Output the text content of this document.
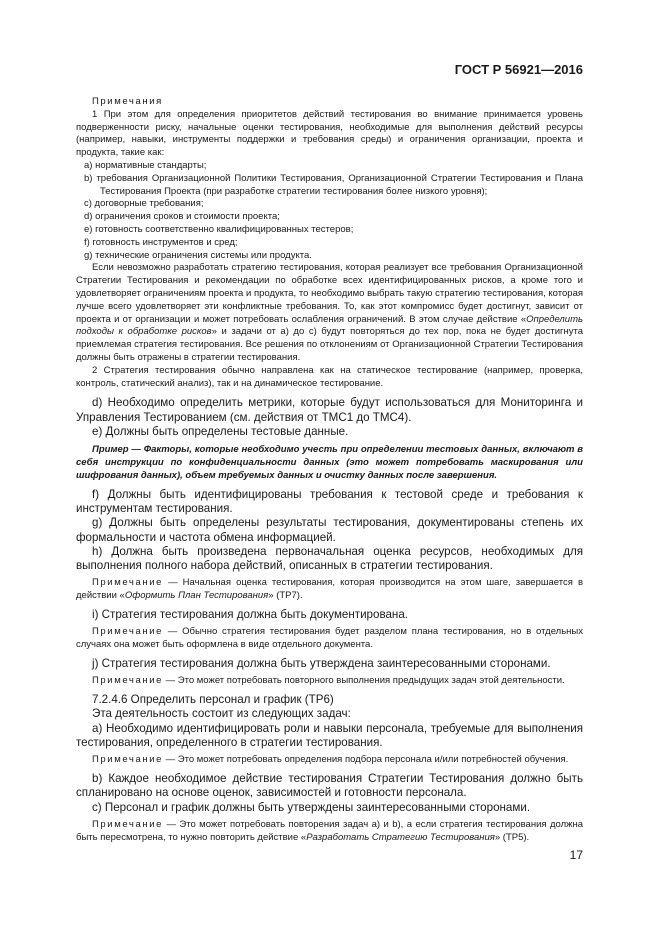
ГОСТ Р 56921—2016

Примечания

1 При этом для определения приоритетов действий тестирования во внимание принимается уровень подверженности риску, начальные оценки тестирования, необходимые для выполнения действий ресурсы (например, навыки, инструменты поддержки и требования среды) и ограничения организации, проекта и продукта, такие как:

a) нормативные стандарты;

b) требования Организационной Политики Тестирования, Организационной Стратегии Тестирования и Плана Тестирования Проекта (при разработке стратегии тестирования более низкого уровня);

c) договорные требования;

d) ограничения сроков и стоимости проекта;

e) готовность соответственно квалифицированных тестеров;

f) готовность инструментов и сред;

g) технические ограничения системы или продукта.

Если невозможно разработать стратегию тестирования, которая реализует все требования Организационной Стратегии Тестирования и рекомендации по обработке всех идентифицированных рисков, а кроме того и удовлетворяет ограничениям проекта и продукта, то необходимо выбрать такую стратегию тестирования, которая лучше всего удовлетворяет эти конфликтные требования. То, как этот компромисс будет достигнут, зависит от проекта и от организации и может потребовать ослабления ограничений. В этом случае действие «Определить подходы к обработке рисков» и задачи от а) до с) будут повторяться до тех пор, пока не будет достигнута приемлемая стратегия тестирования. Все решения по отклонениям от Организационной Стратегии Тестирования должны быть отражены в стратегии тестирования.

2 Стратегия тестирования обычно направлена как на статическое тестирование (например, проверка, контроль, статический анализ), так и на динамическое тестирование.

d) Необходимо определить метрики, которые будут использоваться для Мониторинга и Управления Тестированием (см. действия от ТМС1 до ТМС4).

e) Должны быть определены тестовые данные.

Пример — Факторы, которые необходимо учесть при определении тестовых данных, включают в себя инструкции по конфиденциальности данных (это может потребовать маскирования или шифрования данных), объем требуемых данных и очистку данных после завершения.

f) Должны быть идентифицированы требования к тестовой среде и требования к инструментам тестирования.

g) Должны быть определены результаты тестирования, документированы степень их формальности и частота обмена информацией.

h) Должна быть произведена первоначальная оценка ресурсов, необходимых для выполнения полного набора действий, описанных в стратегии тестирования.

Примечание — Начальная оценка тестирования, которая производится на этом шаге, завершается в действии «Оформить План Тестирования» (ТР7).

i) Стратегия тестирования должна быть документирована.

Примечание — Обычно стратегия тестирования будет разделом плана тестирования, но в отдельных случаях она может быть оформлена в виде отдельного документа.

j) Стратегия тестирования должна быть утверждена заинтересованными сторонами.

Примечание — Это может потребовать повторного выполнения предыдущих задач этой деятельности.

7.2.4.6 Определить персонал и график (ТР6)

Эта деятельность состоит из следующих задач:

a) Необходимо идентифицировать роли и навыки персонала, требуемые для выполнения тестирования, определенного в стратегии тестирования.

Примечание — Это может потребовать определения подбора персонала и/или потребностей обучения.

b) Каждое необходимое действие тестирования Стратегии Тестирования должно быть спланировано на основе оценок, зависимостей и готовности персонала.

c) Персонал и график должны быть утверждены заинтересованными сторонами.

Примечание — Это может потребовать повторения задач a) и b), а если стратегия тестирования должна быть пересмотрена, то нужно повторить действие «Разработать Стратегию Тестирования» (ТР5).

17
